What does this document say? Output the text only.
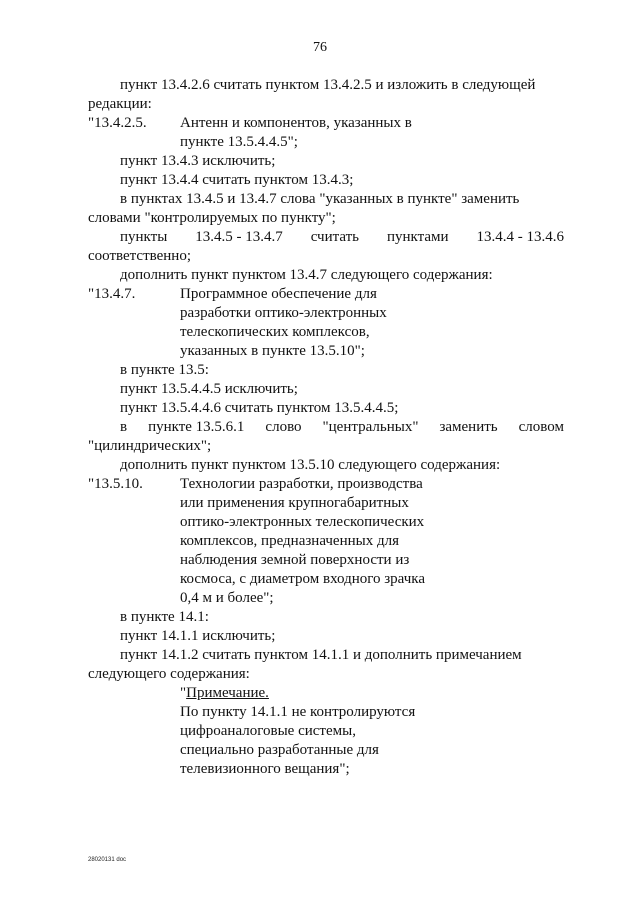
76
пункт 13.4.2.6 считать пунктом 13.4.2.5 и изложить в следующей
редакции:
"13.4.2.5.	Антенн и компонентов, указанных в
пункте 13.5.4.4.5";
пункт 13.4.3 исключить;
пункт 13.4.4 считать пунктом 13.4.3;
в пунктах 13.4.5 и 13.4.7 слова "указанных в пункте" заменить
словами "контролируемых по пункту";
пункты 13.4.5 - 13.4.7 считать пунктами 13.4.4 - 13.4.6
соответственно;
дополнить пункт пунктом 13.4.7 следующего содержания:
"13.4.7.	Программное обеспечение для
разработки оптико-электронных
телескопических комплексов,
указанных в пункте 13.5.10";
в пункте 13.5:
пункт 13.5.4.4.5 исключить;
пункт 13.5.4.4.6 считать пунктом 13.5.4.4.5;
в пункте 13.5.6.1 слово "центральных" заменить словом
"цилиндрических";
дополнить пункт пунктом 13.5.10 следующего содержания:
"13.5.10.	Технологии разработки, производства
или применения крупногабаритных
оптико-электронных телескопических
комплексов, предназначенных для
наблюдения земной поверхности из
космоса, с диаметром входного зрачка
0,4 м и более";
в пункте 14.1:
пункт 14.1.1 исключить;
пункт 14.1.2 считать пунктом 14.1.1 и дополнить примечанием
следующего содержания:
"Примечание.
По пункту 14.1.1 не контролируются
цифроаналоговые системы,
специально разработанные для
телевизионного вещания";
28020131 doc
